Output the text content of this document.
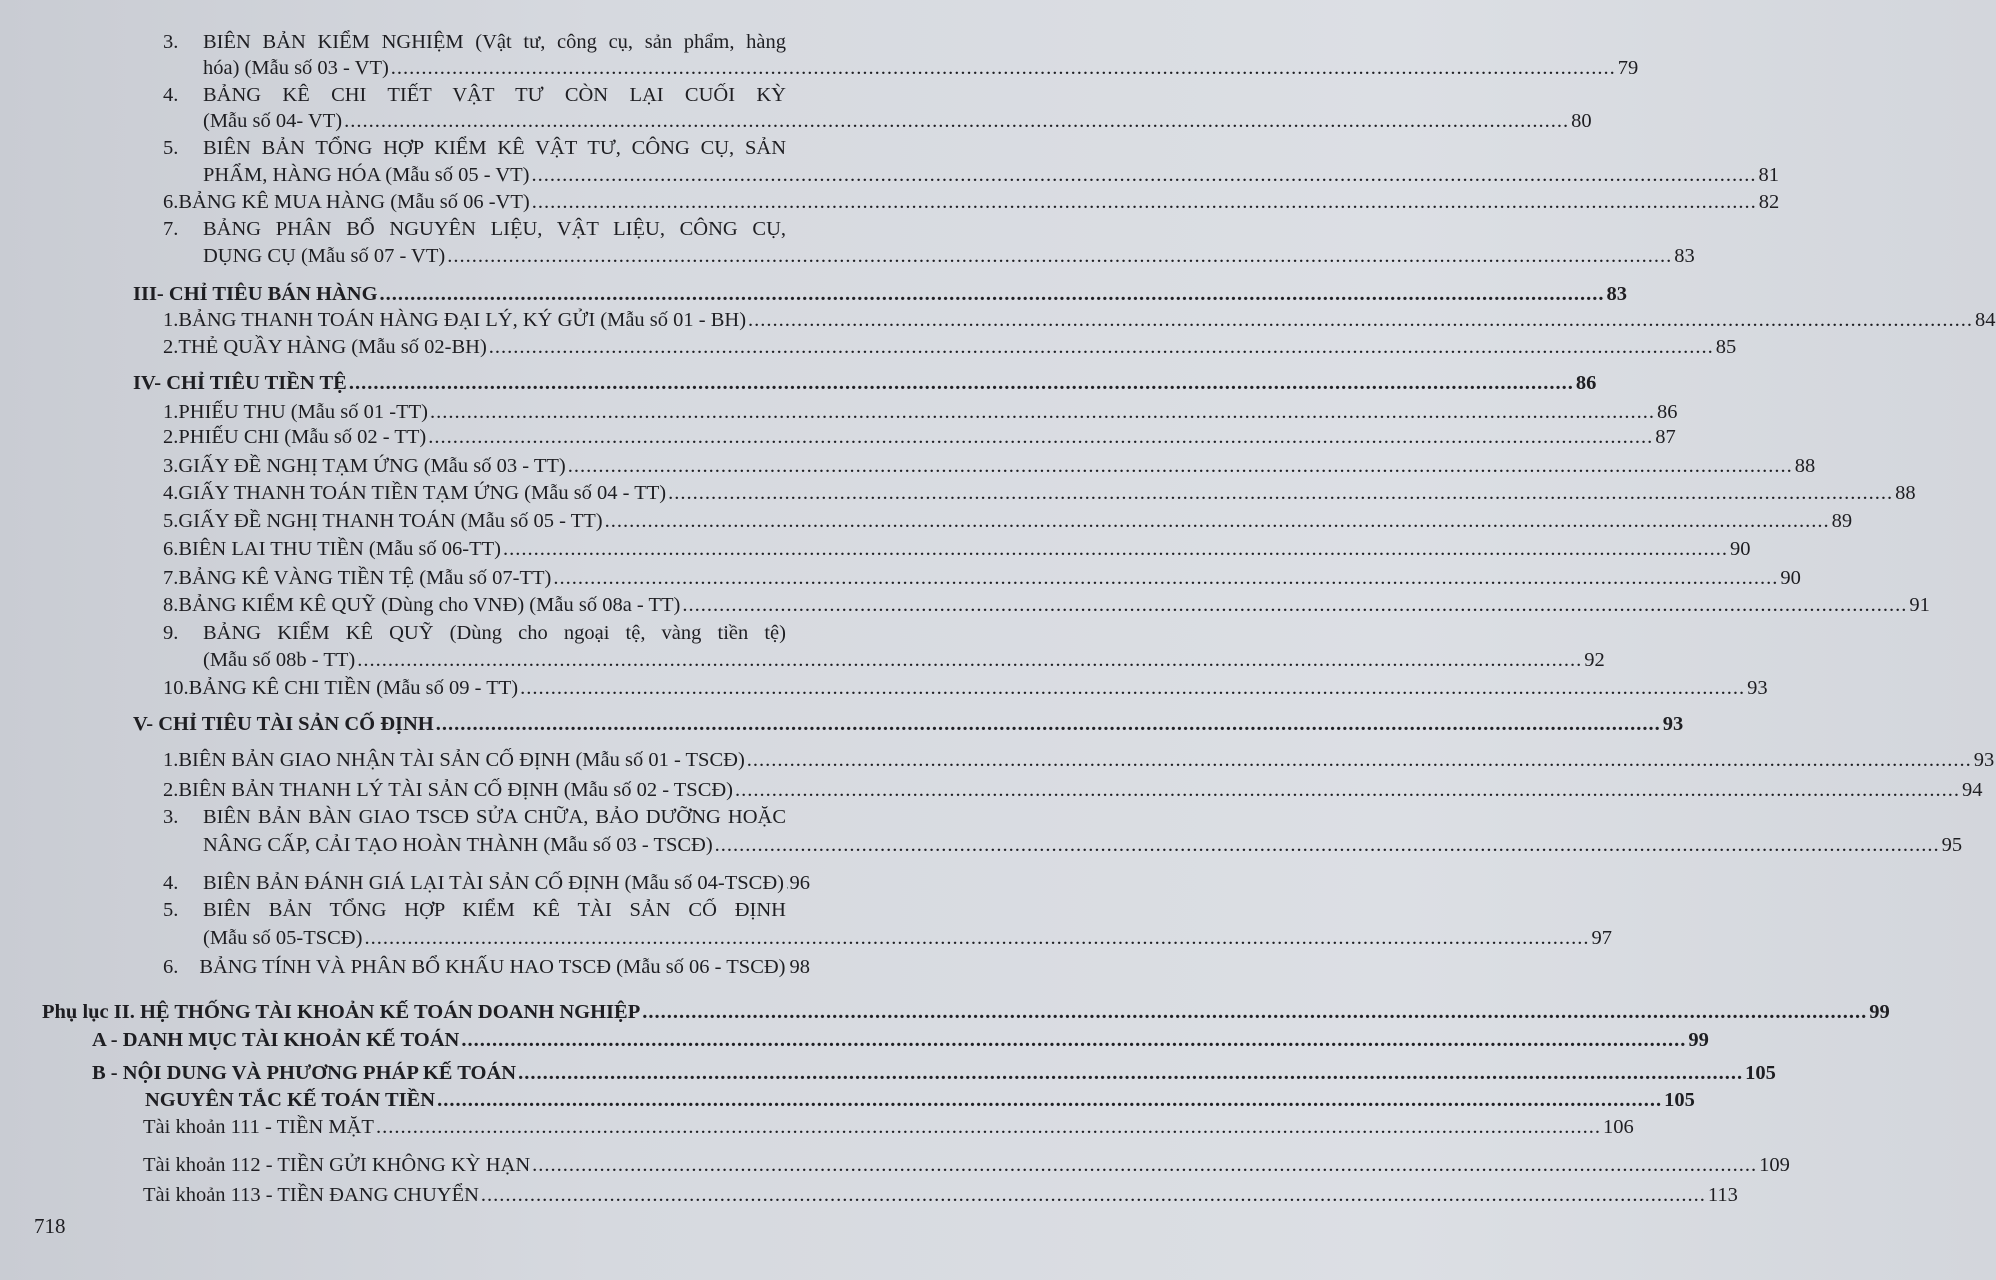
3.	BIÊN BẢN KIỂM NGHIỆM (Vật tư, công cụ, sản phẩm, hàng
hóa) (Mẫu số 03 - VT) ........................................................................................................................................................................................................ 79
4.	BẢNG KÊ CHI TIẾT VẬT TƯ CÒN LẠI CUỐI KỲ
(Mẫu số 04- VT) ........................................................................................................................................................................................................ 80
5.	BIÊN BẢN TỔNG HỢP KIỂM KÊ VẬT TƯ, CÔNG CỤ, SẢN
PHẨM, HÀNG HÓA (Mẫu số 05 - VT) ........................................................................................................................................................................................................ 81
6. BẢNG KÊ MUA HÀNG (Mẫu số 06 -VT) ........................................................................................................................................................................................................ 82
7.	BẢNG PHÂN BỔ NGUYÊN LIỆU, VẬT LIỆU, CÔNG CỤ,
DỤNG CỤ (Mẫu số 07 - VT) ........................................................................................................................................................................................................ 83
III- CHỈ TIÊU BÁN HÀNG ........................................................................................................................................................................................................ 83
1. BẢNG THANH TOÁN HÀNG ĐẠI LÝ, KÝ GỬI (Mẫu số 01 - BH) ........................................................................................................................................................................................................ 84
2. THẺ QUẦY HÀNG (Mẫu số 02-BH) ........................................................................................................................................................................................................ 85
IV- CHỈ TIÊU TIỀN TỆ ........................................................................................................................................................................................................ 86
1. PHIẾU THU (Mẫu số 01 -TT) ........................................................................................................................................................................................................ 86
2. PHIẾU CHI (Mẫu số 02 - TT) ........................................................................................................................................................................................................ 87
3. GIẤY ĐỀ NGHỊ TẠM ỨNG (Mẫu số 03 - TT) ........................................................................................................................................................................................................ 88
4. GIẤY THANH TOÁN TIỀN TẠM ỨNG (Mẫu số 04 - TT) ........................................................................................................................................................................................................ 88
5. GIẤY ĐỀ NGHỊ THANH TOÁN (Mẫu số 05 - TT) ........................................................................................................................................................................................................ 89
6. BIÊN LAI THU TIỀN (Mẫu số 06-TT) ........................................................................................................................................................................................................ 90
7. BẢNG KÊ VÀNG TIỀN TỆ (Mẫu số 07-TT) ........................................................................................................................................................................................................ 90
8. BẢNG KIỂM KÊ QUỸ (Dùng cho VNĐ) (Mẫu số 08a - TT) ........................................................................................................................................................................................................ 91
9.	BẢNG KIỂM KÊ QUỸ (Dùng cho ngoại tệ, vàng tiền tệ)
(Mẫu số 08b - TT) ........................................................................................................................................................................................................ 92
10. BẢNG KÊ CHI TIỀN (Mẫu số 09 - TT) ........................................................................................................................................................................................................ 93
V- CHỈ TIÊU TÀI SẢN CỐ ĐỊNH ........................................................................................................................................................................................................ 93
1. BIÊN BẢN GIAO NHẬN TÀI SẢN CỐ ĐỊNH (Mẫu số 01 - TSCĐ) ........................................................................................................................................................................................................ 93
2. BIÊN BẢN THANH LÝ TÀI SẢN CỐ ĐỊNH (Mẫu số 02 - TSCĐ) ........................................................................................................................................................................................................ 94
3.	BIÊN BẢN BÀN GIAO TSCĐ SỬA CHỮA, BẢO DƯỠNG HOẶC
NÂNG CẤP, CẢI TẠO HOÀN THÀNH (Mẫu số 03 - TSCĐ) ........................................................................................................................................................................................................ 95
4.	BIÊN BẢN ĐÁNH GIÁ LẠI TÀI SẢN CỐ ĐỊNH (Mẫu số 04-TSCĐ) 96
5.	BIÊN BẢN TỔNG HỢP KIỂM KÊ TÀI SẢN CỐ ĐỊNH
(Mẫu số 05-TSCĐ) ........................................................................................................................................................................................................ 97
6.	BẢNG TÍNH VÀ PHÂN BỔ KHẤU HAO TSCĐ (Mẫu số 06 - TSCĐ) 98
Phụ lục II. HỆ THỐNG TÀI KHOẢN KẾ TOÁN DOANH NGHIỆP ........................................................................................................................................................................................................ 99
A - DANH MỤC TÀI KHOẢN KẾ TOÁN ........................................................................................................................................................................................................ 99
B - NỘI DUNG VÀ PHƯƠNG PHÁP KẾ TOÁN ........................................................................................................................................................................................................ 105
NGUYÊN TẮC KẾ TOÁN TIỀN ........................................................................................................................................................................................................ 105
Tài khoản 111 - TIỀN MẶT ........................................................................................................................................................................................................ 106
Tài khoản 112 - TIỀN GỬI KHÔNG KỲ HẠN ........................................................................................................................................................................................................ 109
Tài khoản 113 - TIỀN ĐANG CHUYỂN ........................................................................................................................................................................................................ 113
718
